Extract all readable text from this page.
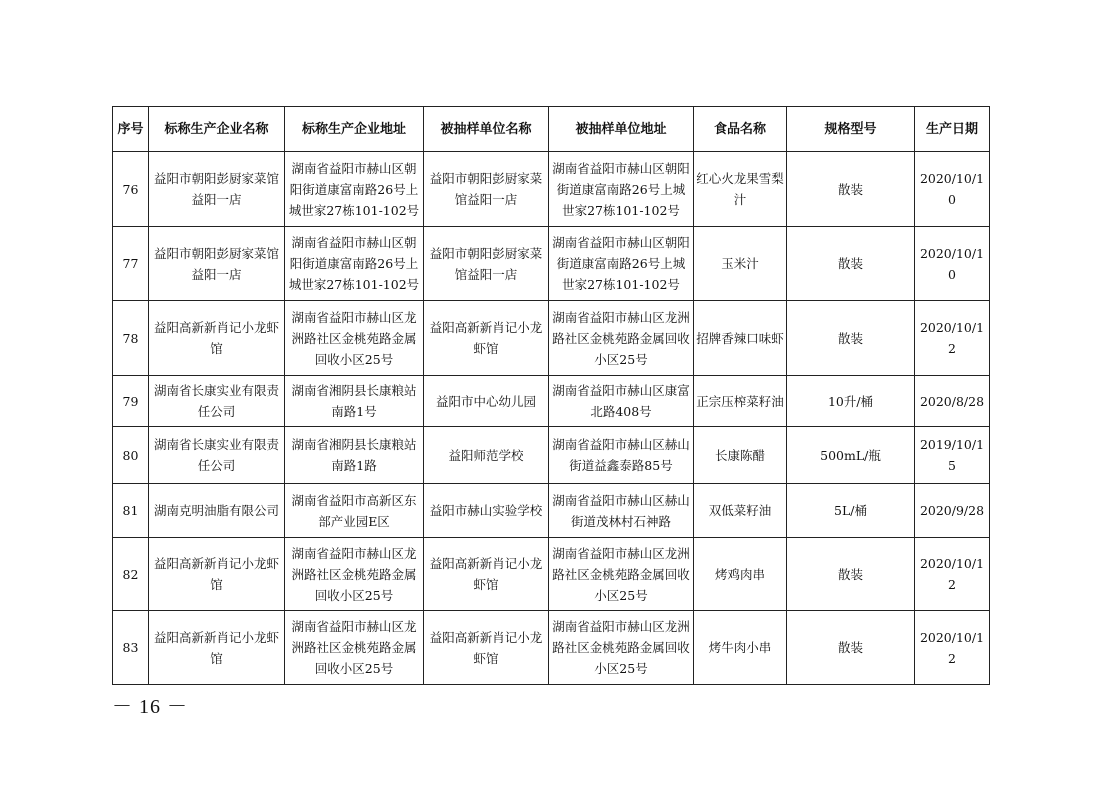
序号	标称生产企业名称	标称生产企业地址	被抽样单位名称	被抽样单位地址	食品名称	规格型号	生产日期
76	益阳市朝阳彭厨家菜馆益阳一店	湖南省益阳市赫山区朝阳街道康富南路26号上城世家27栋101-102号	益阳市朝阳彭厨家菜馆益阳一店	湖南省益阳市赫山区朝阳街道康富南路26号上城世家27栋101-102号	红心火龙果雪梨汁	散装	2020/10/10
77	益阳市朝阳彭厨家菜馆益阳一店	湖南省益阳市赫山区朝阳街道康富南路26号上城世家27栋101-102号	益阳市朝阳彭厨家菜馆益阳一店	湖南省益阳市赫山区朝阳街道康富南路26号上城世家27栋101-102号	玉米汁	散装	2020/10/10
78	益阳高新新肖记小龙虾馆	湖南省益阳市赫山区龙洲路社区金桃苑路金属回收小区25号	益阳高新新肖记小龙虾馆	湖南省益阳市赫山区龙洲路社区金桃苑路金属回收小区25号	招牌香辣口味虾	散装	2020/10/12
79	湖南省长康实业有限责任公司	湖南省湘阴县长康粮站南路1号	益阳市中心幼儿园	湖南省益阳市赫山区康富北路408号	正宗压榨菜籽油	10升/桶	2020/8/28
80	湖南省长康实业有限责任公司	湖南省湘阴县长康粮站南路1路	益阳师范学校	湖南省益阳市赫山区赫山街道益鑫泰路85号	长康陈醋	500mL/瓶	2019/10/15
81	湖南克明油脂有限公司	湖南省益阳市高新区东部产业园E区	益阳市赫山实验学校	湖南省益阳市赫山区赫山街道茂林村石神路	双低菜籽油	5L/桶	2020/9/28
82	益阳高新新肖记小龙虾馆	湖南省益阳市赫山区龙洲路社区金桃苑路金属回收小区25号	益阳高新新肖记小龙虾馆	湖南省益阳市赫山区龙洲路社区金桃苑路金属回收小区25号	烤鸡肉串	散装	2020/10/12
83	益阳高新新肖记小龙虾馆	湖南省益阳市赫山区龙洲路社区金桃苑路金属回收小区25号	益阳高新新肖记小龙虾馆	湖南省益阳市赫山区龙洲路社区金桃苑路金属回收小区25号	烤牛肉小串	散装	2020/10/12
－ 16 －
